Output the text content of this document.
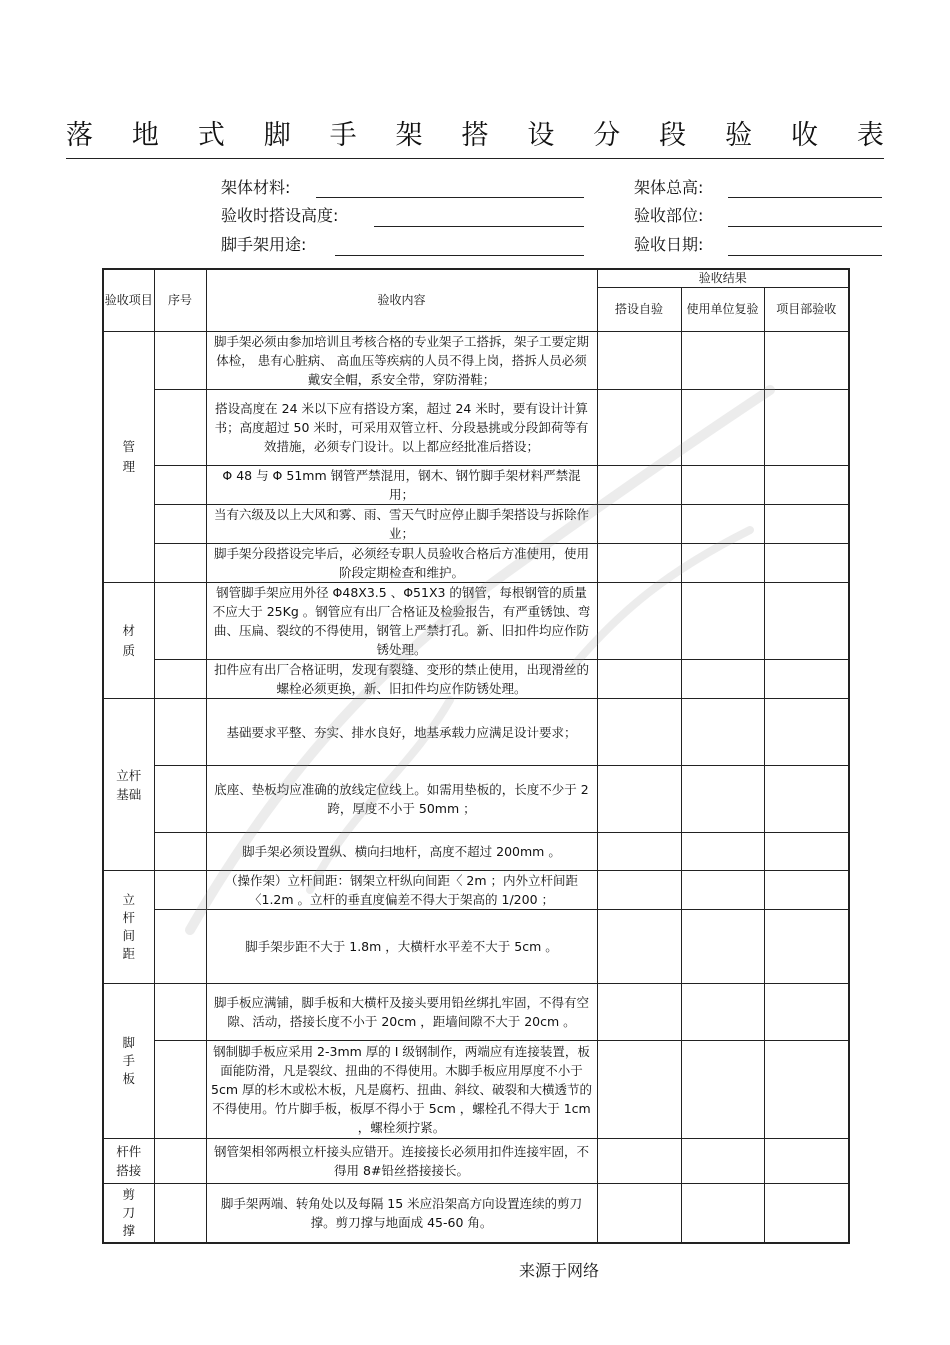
落 地 式 脚 手 架 搭 设 分 段 验 收 表
架体材料:	架体总高:
验收时搭设高度:	验收部位:
脚手架用途:	验收日期:
验收项目	序号	验收内容	验收结果		
			搭设自验	使用单位复验	项目部验收

管
理		脚手架必须由参加培训且考核合格的专业架子工搭拆，架子工要定期体检， 患有心脏病、 高血压等疾病的人员不得上岗，搭拆人员必须戴安全帽，系安全带，穿防滑鞋；			
		搭设高度在 24 米以下应有搭设方案，超过 24 米时，要有设计计算书；高度超过 50 米时，可采用双管立杆、分段悬挑或分段卸荷等有效措施，必须专门设计。以上都应经批准后搭设；			
		Φ 48 与 Φ 51mm 钢管严禁混用，钢木、钢竹脚手架材料严禁混用；			
		当有六级及以上大风和雾、雨、雪天气时应停止脚手架搭设与拆除作业；			
		脚手架分段搭设完毕后，必须经专职人员验收合格后方准使用，使用阶段定期检查和维护。			

材
质		钢管脚手架应用外径 Φ48X3.5 、Φ51X3 的钢管，每根钢管的质量不应大于 25Kg 。钢管应有出厂合格证及检验报告，有严重锈蚀、弯曲、压扁、裂纹的不得使用，钢管上严禁打孔。新、旧扣件均应作防锈处理。			
		扣件应有出厂合格证明，发现有裂缝、变形的禁止使用，出现滑丝的螺栓必须更换，新、旧扣件均应作防锈处理。			

立杆
基础		基础要求平整、夯实、排水良好，地基承载力应满足设计要求；			
		底座、垫板均应准确的放线定位线上。如需用垫板的，长度不少于 2 跨，厚度不小于 50mm ；			
		脚手架必须设置纵、横向扫地杆，高度不超过 200mm 。			

立
杆
间
距		（操作架）立杆间距：钢架立杆纵向间距〈 2m ；内外立杆间距〈1.2m 。立杆的垂直度偏差不得大于架高的 1/200 ；			
		脚手架步距不大于 1.8m ，大横杆水平差不大于 5cm 。			

脚
手
板		脚手板应满铺，脚手板和大横杆及接头要用铅丝绑扎牢固，不得有空隙、活动，搭接长度不小于 20cm ，距墙间隙不大于 20cm 。			
		钢制脚手板应采用 2-3mm 厚的 I 级钢制作，两端应有连接装置，板面能防滑，凡是裂纹、扭曲的不得使用。木脚手板应用厚度不小于 5cm 厚的杉木或松木板，凡是腐朽、扭曲、斜纹、破裂和大横透节的不得使用。竹片脚手板，板厚不得小于 5cm ，螺栓孔不得大于 1cm ，螺栓须拧紧。			

杆件
搭接		钢管架相邻两根立杆接头应错开。连接接长必须用扣件连接牢固，不得用 8#铅丝搭接接长。			

剪
刀
撑		脚手架两端、转角处以及每隔 15 米应沿架高方向设置连续的剪刀撑。剪刀撑与地面成 45-60 角。			
来源于网络
